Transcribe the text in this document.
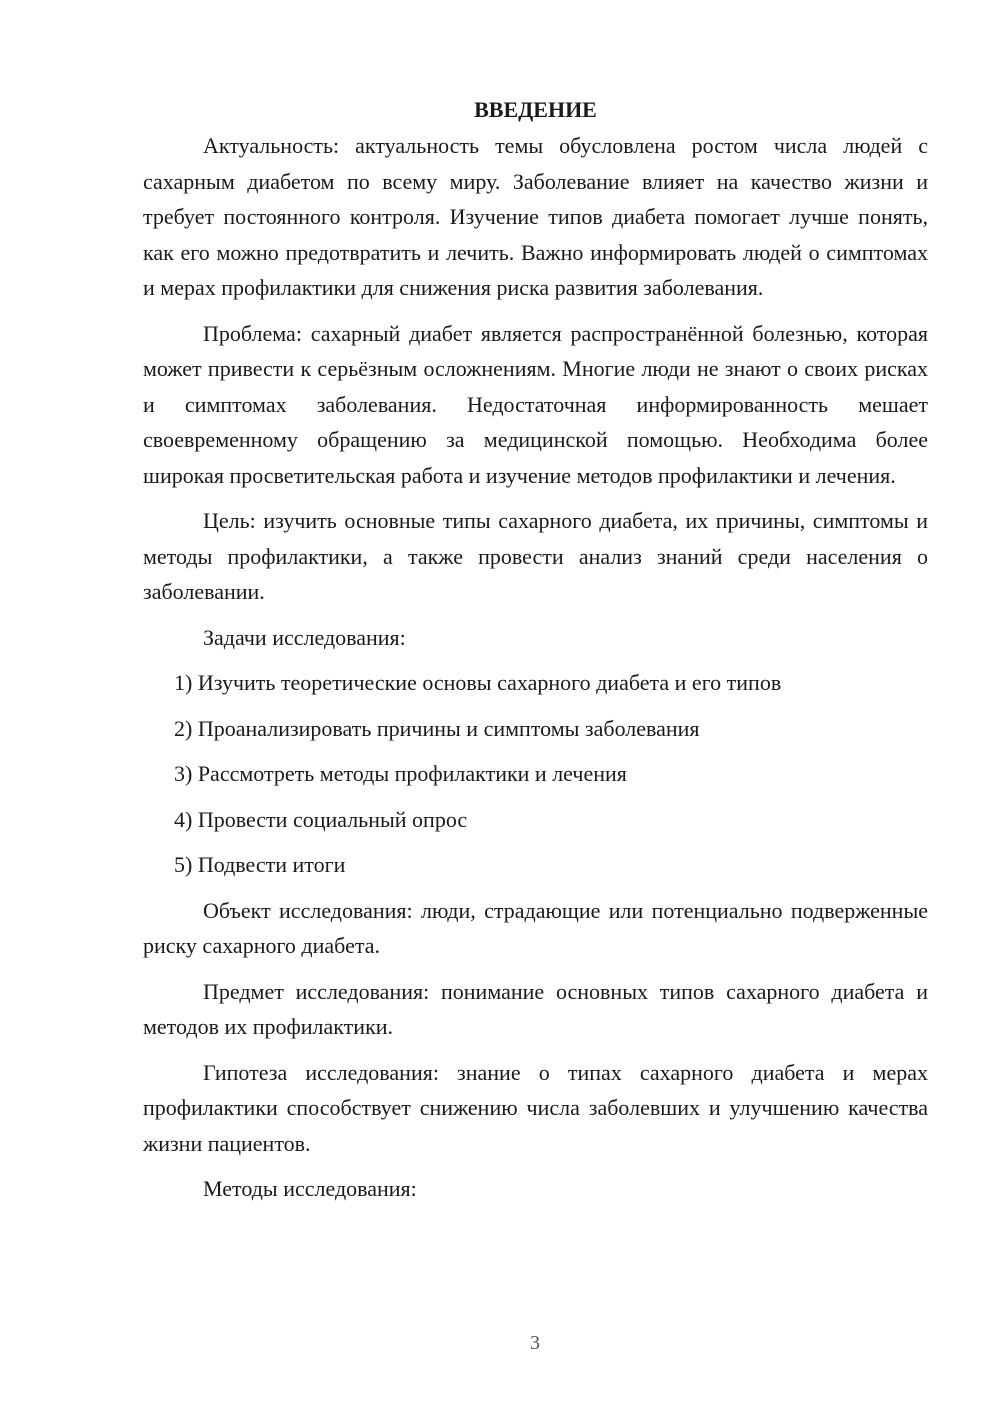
ВВЕДЕНИЕ

Актуальность: актуальность темы обусловлена ростом числа людей с сахарным диабетом по всему миру. Заболевание влияет на качество жизни и требует постоянного контроля. Изучение типов диабета помогает лучше понять, как его можно предотвратить и лечить. Важно информировать людей о симптомах и мерах профилактики для снижения риска развития заболевания.

Проблема: сахарный диабет является распространённой болезнью, которая может привести к серьёзным осложнениям. Многие люди не знают о своих рисках и симптомах заболевания. Недостаточная информированность мешает своевременному обращению за медицинской помощью. Необходима более широкая просветительская работа и изучение методов профилактики и лечения.

Цель: изучить основные типы сахарного диабета, их причины, симптомы и методы профилактики, а также провести анализ знаний среди населения о заболевании.

Задачи исследования:

1) Изучить теоретические основы сахарного диабета и его типов
2) Проанализировать причины и симптомы заболевания
3) Рассмотреть методы профилактики и лечения
4) Провести социальный опрос
5) Подвести итоги

Объект исследования: люди, страдающие или потенциально подверженные риску сахарного диабета.

Предмет исследования: понимание основных типов сахарного диабета и методов их профилактики.

Гипотеза исследования: знание о типах сахарного диабета и мерах профилактики способствует снижению числа заболевших и улучшению качества жизни пациентов.

Методы исследования:

3
